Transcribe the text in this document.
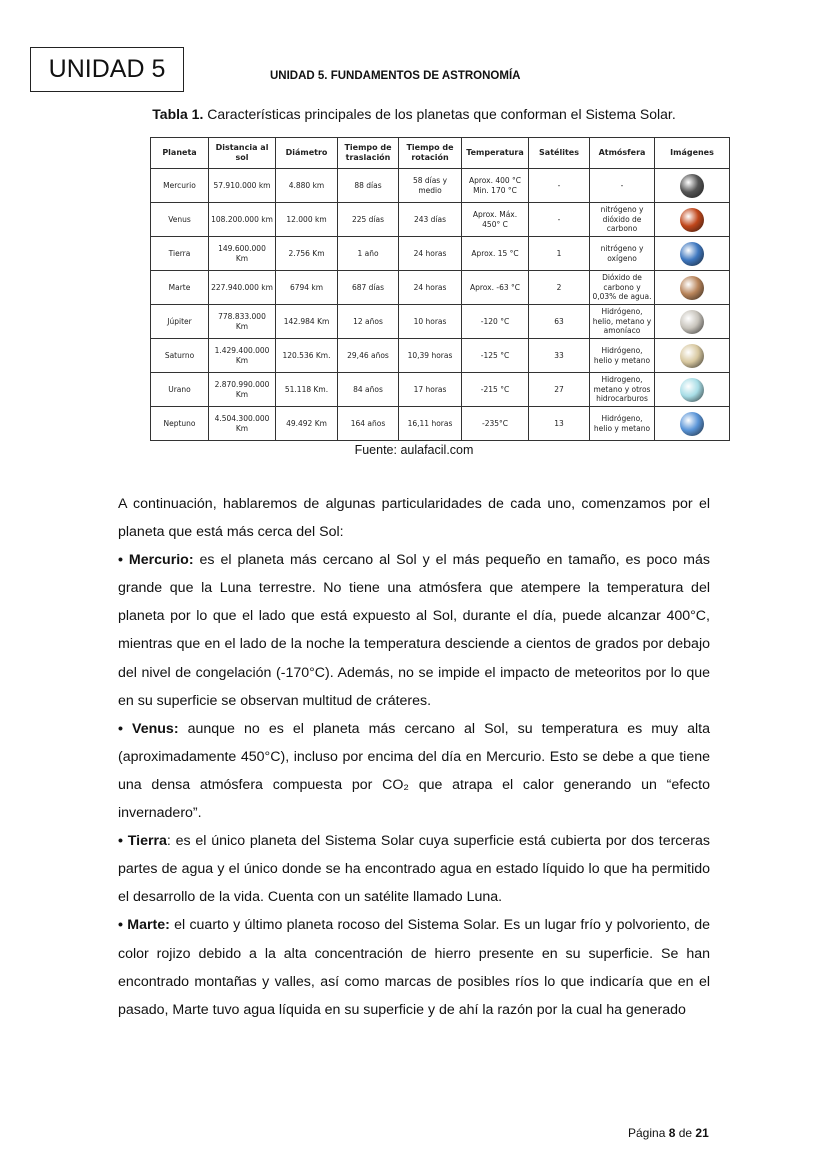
UNIDAD 5	UNIDAD 5. FUNDAMENTOS DE ASTRONOMÍA
Tabla 1. Características principales de los planetas que conforman el Sistema Solar.
Planeta	Distancia al sol	Diámetro	Tiempo de traslación	Tiempo de rotación	Temperatura	Satélites	Atmósfera	Imágenes
Mercurio	57.910.000 km	4.880 km	88 días	58 días y medio	Aprox. 400 °C Min. 170 °C	-	-	

Venus	108.200.000 km	12.000 km	225 días	243 días	Aprox. Máx. 450° C	-	nitrógeno y dióxido de carbono	

Tierra	149.600.000 Km	2.756 Km	1 año	24 horas	Aprox. 15 °C	1	nitrógeno y oxígeno	

Marte	227.940.000 km	6794 km	687 días	24 horas	Aprox. -63 °C	2	Dióxido de carbono y 0,03% de agua.	

Júpiter	778.833.000 Km	142.984 Km	12 años	10 horas	-120 °C	63	Hidrógeno, helio, metano y amoníaco	

Saturno	1.429.400.000 Km	120.536 Km.	29,46 años	10,39 horas	-125 °C	33	Hidrógeno, helio y metano	

Urano	2.870.990.000 Km	51.118 Km.	84 años	17 horas	-215 °C	27	Hidrogeno, metano y otros hidrocarburos	

Neptuno	4.504.300.000 Km	49.492 Km	164 años	16,11 horas	-235°C	13	Hidrógeno, helio y metano	
Fuente: aulafacil.com

A continuación, hablaremos de algunas particularidades de cada uno, comenzamos por el planeta que está más cerca del Sol:

• Mercurio: es el planeta más cercano al Sol y el más pequeño en tamaño, es poco más grande que la Luna terrestre. No tiene una atmósfera que atempere la temperatura del planeta por lo que el lado que está expuesto al Sol, durante el día, puede alcanzar 400°C, mientras que en el lado de la noche la temperatura desciende a cientos de grados por debajo del nivel de congelación (-170°C). Además, no se impide el impacto de meteoritos por lo que en su superficie se observan multitud de cráteres.

• Venus: aunque no es el planeta más cercano al Sol, su temperatura es muy alta (aproximadamente 450°C), incluso por encima del día en Mercurio. Esto se debe a que tiene una densa atmósfera compuesta por CO₂ que atrapa el calor generando un “efecto invernadero”.

• Tierra: es el único planeta del Sistema Solar cuya superficie está cubierta por dos terceras partes de agua y el único donde se ha encontrado agua en estado líquido lo que ha permitido el desarrollo de la vida. Cuenta con un satélite llamado Luna.

• Marte: el cuarto y último planeta rocoso del Sistema Solar. Es un lugar frío y polvoriento, de color rojizo debido a la alta concentración de hierro presente en su superficie. Se han encontrado montañas y valles, así como marcas de posibles ríos lo que indicaría que en el pasado, Marte tuvo agua líquida en su superficie y de ahí la razón por la cual ha generado

Página 8 de 21
